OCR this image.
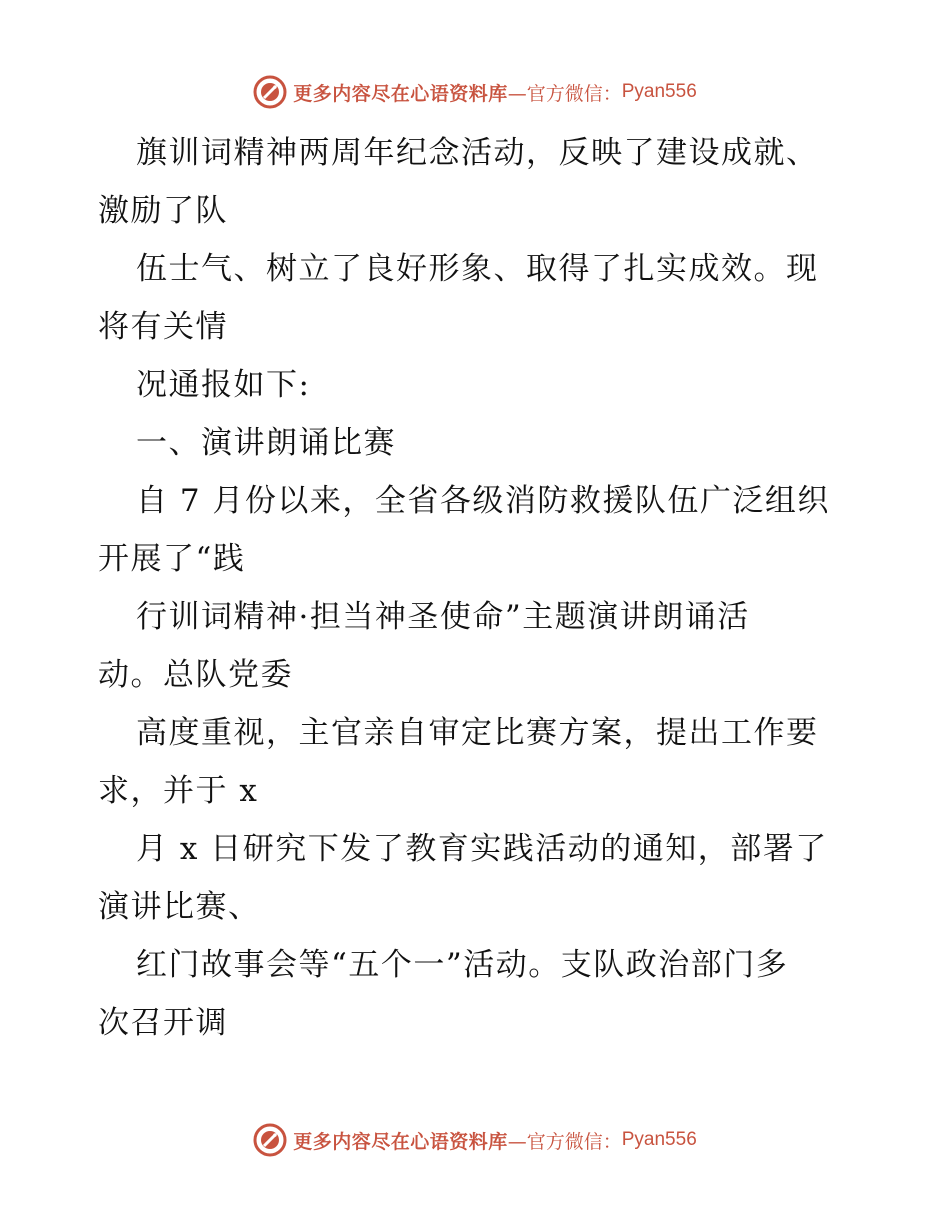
更多内容尽在心语资料库 —官方微信： Pyan556
旗训词精神两周年纪念活动，反映了建设成就、
激励了队
伍士气、树立了良好形象、取得了扎实成效。现
将有关情
况通报如下:
一、演讲朗诵比赛
自 7 月份以来，全省各级消防救援队伍广泛组织
开展了“践
行训词精神·担当神圣使命”主题演讲朗诵活
动。总队党委
高度重视，主官亲自审定比赛方案，提出工作要
求，并于 x
月 x 日研究下发了教育实践活动的通知，部署了
演讲比赛、
红门故事会等“五个一”活动。支队政治部门多
次召开调
更多内容尽在心语资料库 —官方微信： Pyan556
